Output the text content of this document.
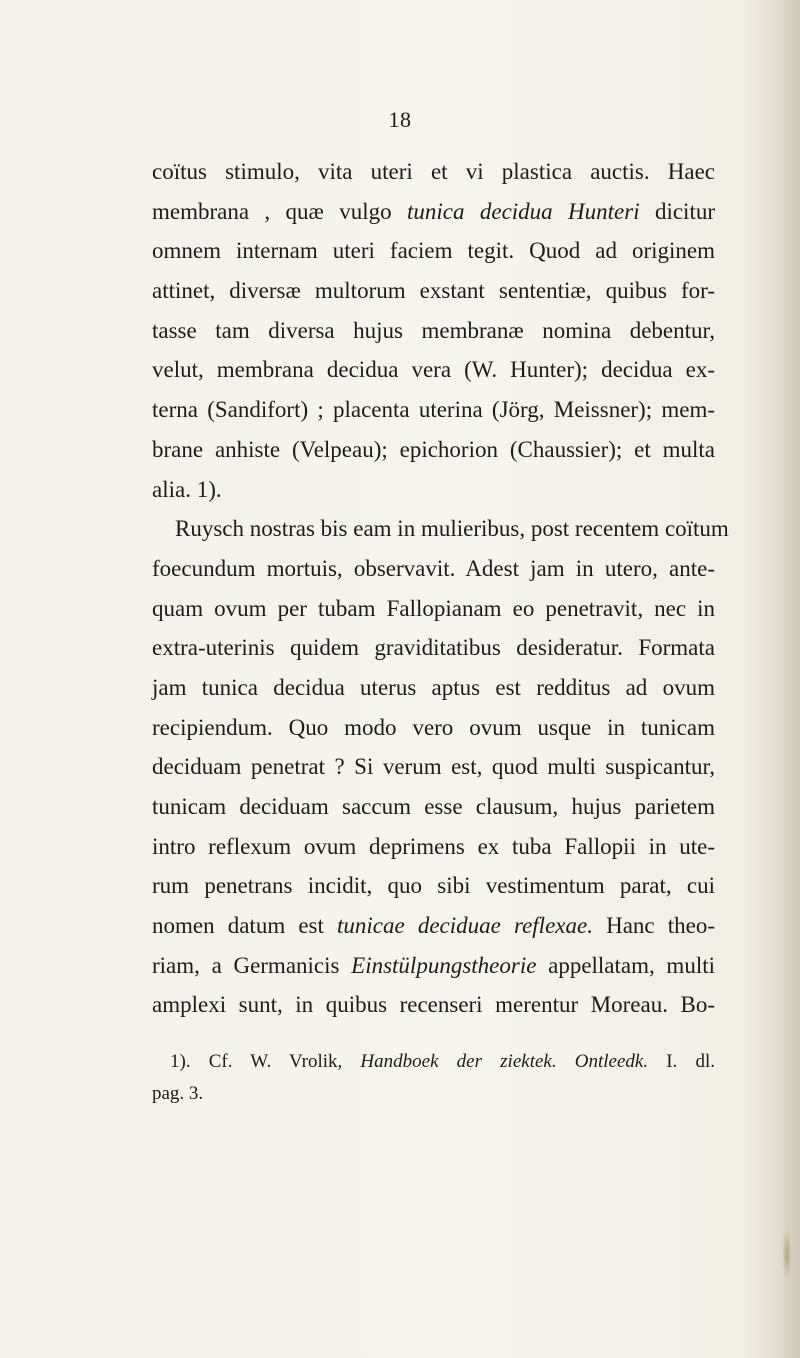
18
coïtus stimulo, vita uteri et vi plastica auctis. Haec
membrana , quæ vulgo tunica decidua Hunteri dicitur
omnem internam uteri faciem tegit. Quod ad originem
attinet, diversæ multorum exstant sententiæ, quibus for-
tasse tam diversa hujus membranæ nomina debentur,
velut, membrana decidua vera (W. Hunter); decidua ex-
terna (Sandifort) ; placenta uterina (Jörg, Meissner); mem-
brane anhiste (Velpeau); epichorion (Chaussier); et multa
alia. 1).
Ruysch nostras bis eam in mulieribus, post recentem coïtum
foecundum mortuis, observavit. Adest jam in utero, ante-
quam ovum per tubam Fallopianam eo penetravit, nec in
extra-uterinis quidem graviditatibus desideratur. Formata
jam tunica decidua uterus aptus est redditus ad ovum
recipiendum. Quo modo vero ovum usque in tunicam
deciduam penetrat ? Si verum est, quod multi suspicantur,
tunicam deciduam saccum esse clausum, hujus parietem
intro reflexum ovum deprimens ex tuba Fallopii in ute-
rum penetrans incidit, quo sibi vestimentum parat, cui
nomen datum est tunicae deciduae reflexae. Hanc theo-
riam, a Germanicis Einstülpungstheorie appellatam, multi
amplexi sunt, in quibus recenseri merentur Moreau. Bo-
1). Cf. W. Vrolik, Handboek der ziektek. Ontleedk. I. dl.
pag. 3.
